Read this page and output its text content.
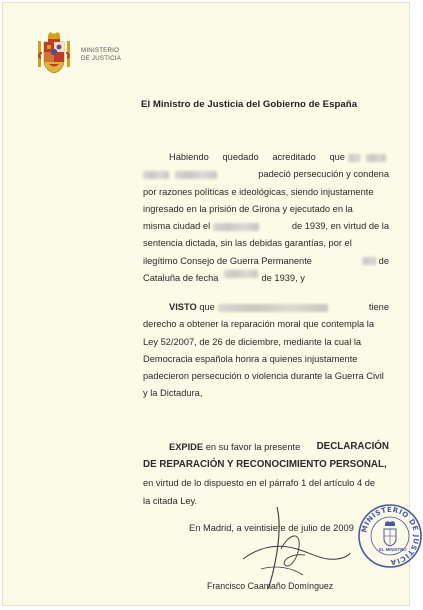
MINISTERIO
DE JUSTICIA
El Ministro de Justicia del Gobierno de España
Habiendo quedado acreditado que
padeció persecución y condena
por razones políticas e ideológicas, siendo injustamente
ingresado en la prisión de Girona y ejecutado en la
misma ciudad el	de 1939, en virtud de la
sentencia dictada, sin las debidas garantías, por el
ilegítimo Consejo de Guerra Permanente	de
Cataluña de fecha	de 1939, y
VISTO que	tiene
derecho a obtener la reparación moral que contempla la
Ley 52/2007, de 26 de diciembre, mediante la cual la
Democracia española honra a quienes injustamente
padecieron persecución o violencia durante la Guerra Civil
y la Dictadura,
EXPIDE en su favor la presente DECLARACIÓN
DE REPARACIÓN Y RECONOCIMIENTO PERSONAL,
en virtud de lo dispuesto en el párrafo 1 del artículo 4 de
la citada Ley.
En Madrid, a veintisiete de julio de 2009
Francisco Caamaño Domínguez
MINISTERIO DE JUSTICIA
EL MINISTRO
